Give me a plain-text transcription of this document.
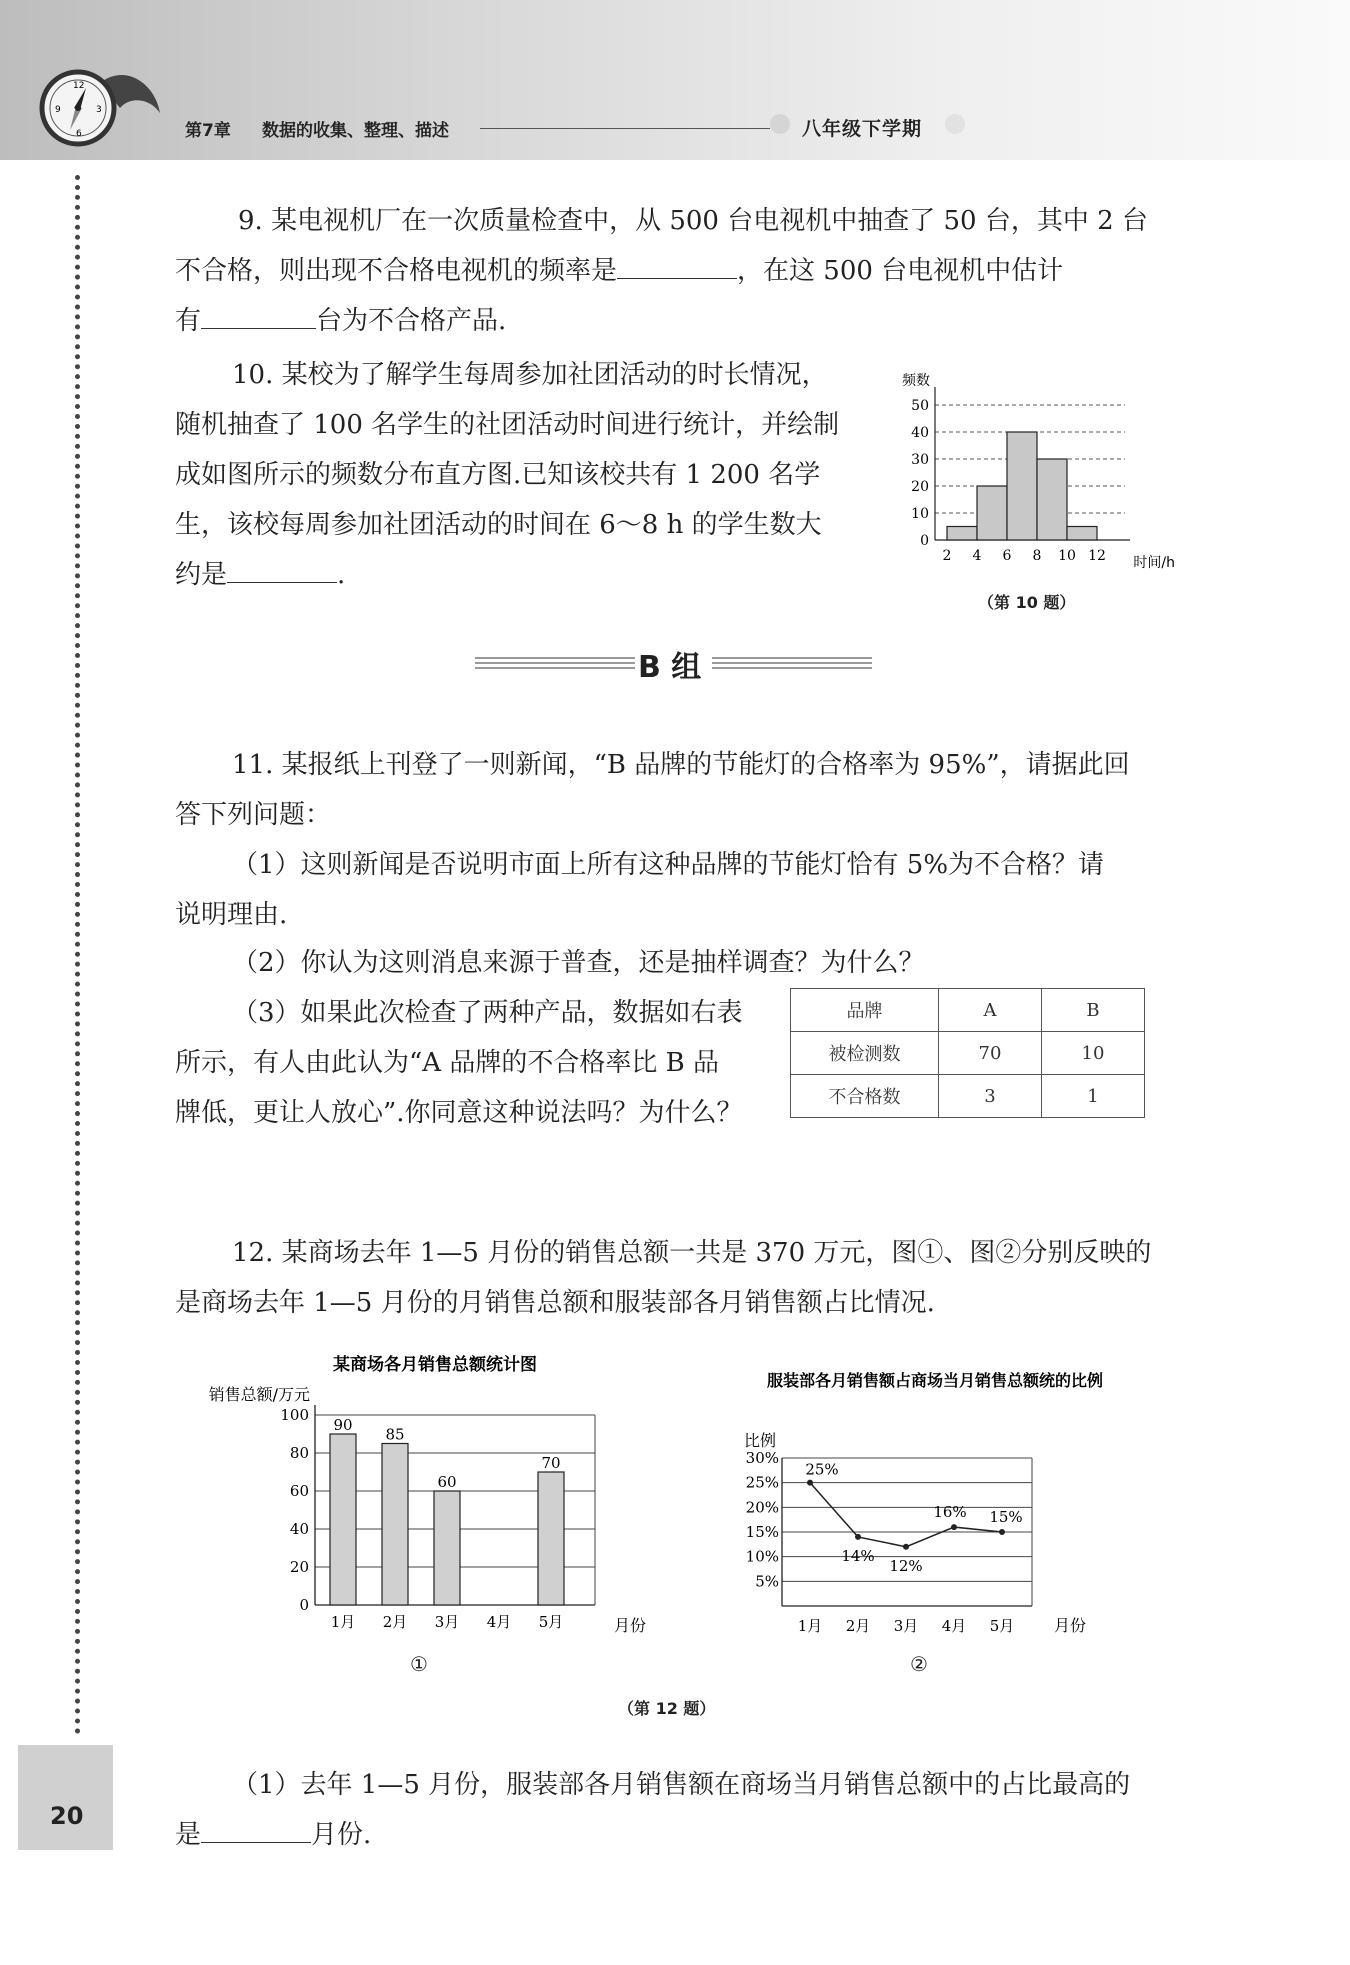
12
9	3
6	第7章 数据的收集、整理、描述	八年级下学期
20
9. 某电视机厂在一次质量检查中，从 500 台电视机中抽查了 50 台，其中 2 台
不合格，则出现不合格电视机的频率是	，在这 500 台电视机中估计
有	台为不合格产品.
10. 某校为了解学生每周参加社团活动的时长情况，
随机抽查了 100 名学生的社团活动时间进行统计，并绘制
成如图所示的频数分布直方图.已知该校共有 1 200 名学
生，该校每周参加社团活动的时间在 6～8 h 的学生数大
约是	.
0
10
20
30
40
50
频数
2 4 6 8 10 12 时间/h
（第 10 题）
B 组
11. 某报纸上刊登了一则新闻，“B 品牌的节能灯的合格率为 95%”，请据此回
答下列问题：
（1）这则新闻是否说明市面上所有这种品牌的节能灯恰有 5%为不合格？请
说明理由.
（2）你认为这则消息来源于普查，还是抽样调查？为什么？
（3）如果此次检查了两种产品，数据如右表
所示，有人由此认为“A 品牌的不合格率比 B 品
牌低，更让人放心”.你同意这种说法吗？为什么？
品牌	A	B
被检测数	70	10
不合格数	3	1
12. 某商场去年 1—5 月份的销售总额一共是 370 万元，图①、图②分别反映的
是商场去年 1—5 月份的月销售总额和服装部各月销售额占比情况.
某商场各月销售总额统计图
销售总额/万元
0
20
40
60
80
100
90
1月
85
2月
60
3月 4月
70
5月	月份
服装部各月销售额占商场当月销售总额统的比例
比例
5%
10%
15%
20%
25%
30%
25%
1月
14%
2月
12%
3月
16%
4月
15%
5月 月份
①	②
（第 12 题）
（1）去年 1—5 月份，服装部各月销售额在商场当月销售总额中的占比最高的
是	月份.
